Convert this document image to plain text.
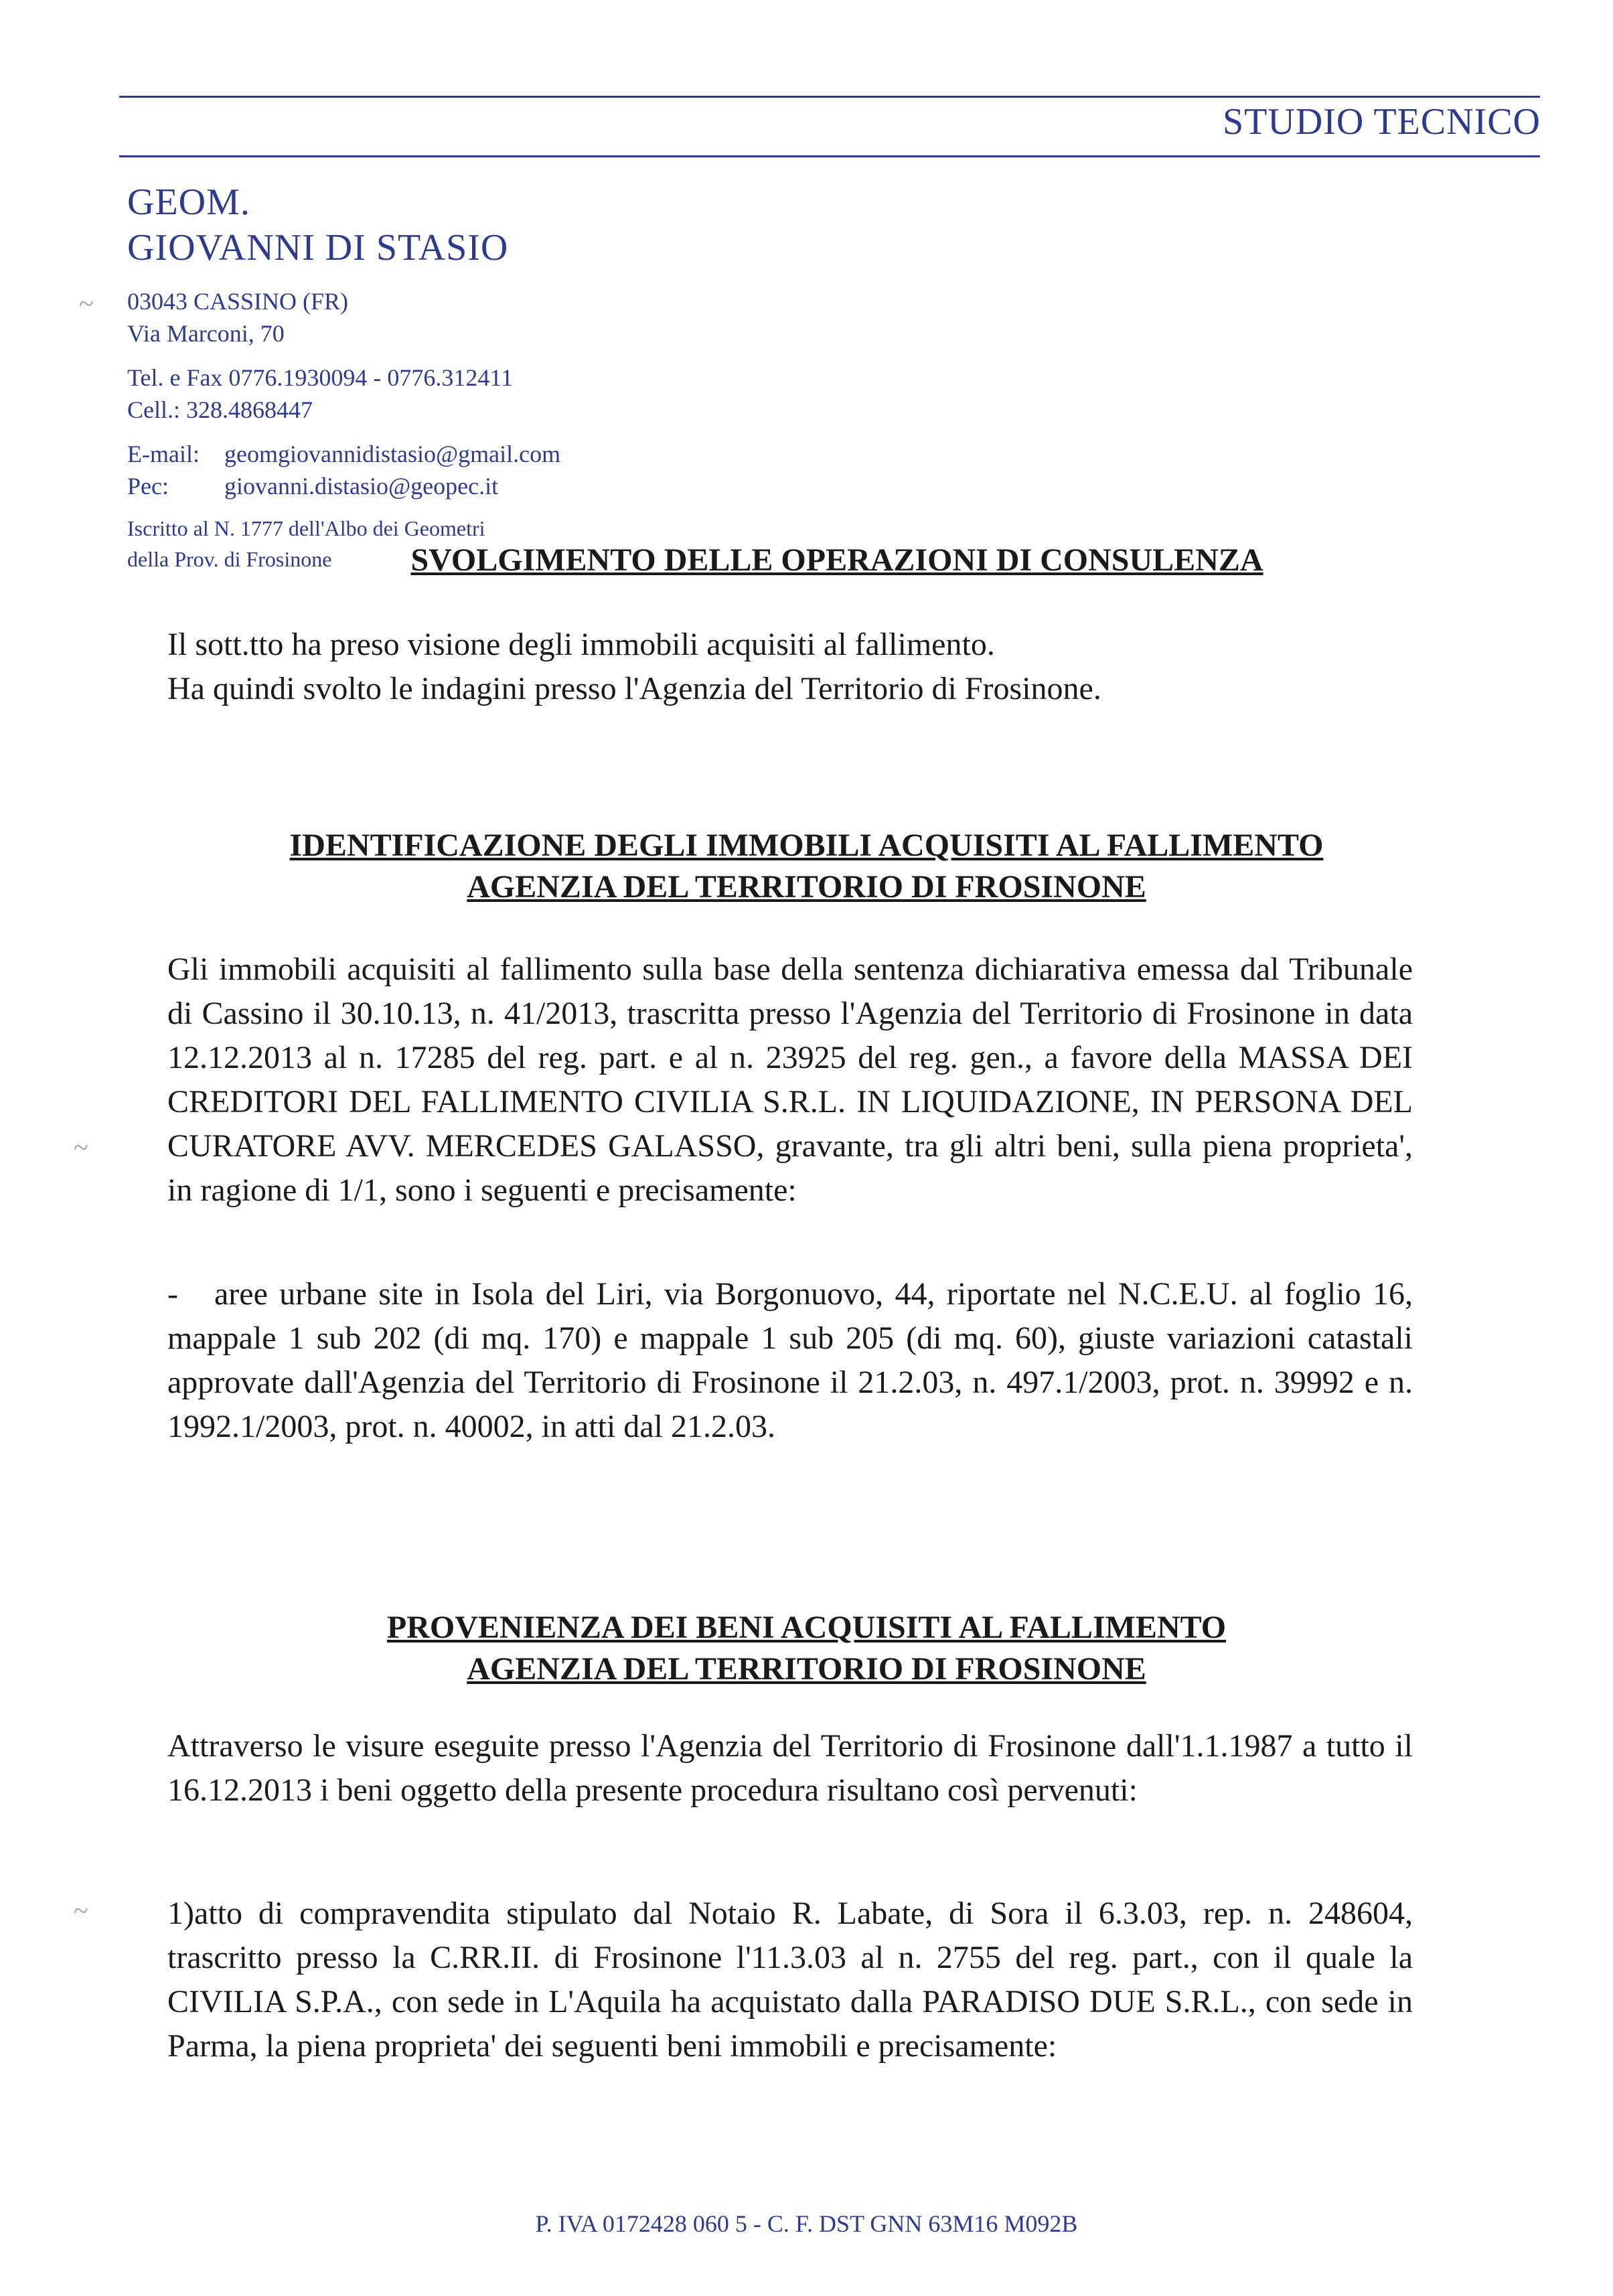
STUDIO TECNICO
GEOM.
GIOVANNI DI STASIO
03043 CASSINO (FR)
Via Marconi, 70
Tel. e Fax 0776.1930094 - 0776.312411
Cell.: 328.4868447
E-mail: geomgiovannidistasio@gmail.com
Pec: giovanni.distasio@geopec.it
Iscritto al N. 1777 dell'Albo dei Geometri
della Prov. di Frosinone	SVOLGIMENTO DELLE OPERAZIONI DI CONSULENZA
Il sott.tto ha preso visione degli immobili acquisiti al fallimento.
Ha quindi svolto le indagini presso l'Agenzia del Territorio di Frosinone.
IDENTIFICAZIONE DEGLI IMMOBILI ACQUISITI AL FALLIMENTO
AGENZIA DEL TERRITORIO DI FROSINONE
Gli immobili acquisiti al fallimento sulla base della sentenza dichiarativa emessa dal Tribunale di Cassino il 30.10.13, n. 41/2013, trascritta presso l'Agenzia del Territorio di Frosinone in data 12.12.2013 al n. 17285 del reg. part. e al n. 23925 del reg. gen., a favore della MASSA DEI CREDITORI DEL FALLIMENTO CIVILIA S.R.L. IN LIQUIDAZIONE, IN PERSONA DEL CURATORE AVV. MERCEDES GALASSO, gravante, tra gli altri beni, sulla piena proprieta', in ragione di 1/1, sono i seguenti e precisamente:
- aree urbane site in Isola del Liri, via Borgonuovo, 44, riportate nel N.C.E.U. al foglio 16, mappale 1 sub 202 (di mq. 170) e mappale 1 sub 205 (di mq. 60), giuste variazioni catastali approvate dall'Agenzia del Territorio di Frosinone il 21.2.03, n. 497.1/2003, prot. n. 39992 e n. 1992.1/2003, prot. n. 40002, in atti dal 21.2.03.
PROVENIENZA DEI BENI ACQUISITI AL FALLIMENTO
AGENZIA DEL TERRITORIO DI FROSINONE
Attraverso le visure eseguite presso l'Agenzia del Territorio di Frosinone dall'1.1.1987 a tutto il 16.12.2013 i beni oggetto della presente procedura risultano così pervenuti:
1)atto di compravendita stipulato dal Notaio R. Labate, di Sora il 6.3.03, rep. n. 248604, trascritto presso la C.RR.II. di Frosinone l'11.3.03 al n. 2755 del reg. part., con il quale la CIVILIA S.P.A., con sede in L'Aquila ha acquistato dalla PARADISO DUE S.R.L., con sede in Parma, la piena proprieta' dei seguenti beni immobili e precisamente:
~
~
~
P. IVA 0172428 060 5 - C. F. DST GNN 63M16 M092B
